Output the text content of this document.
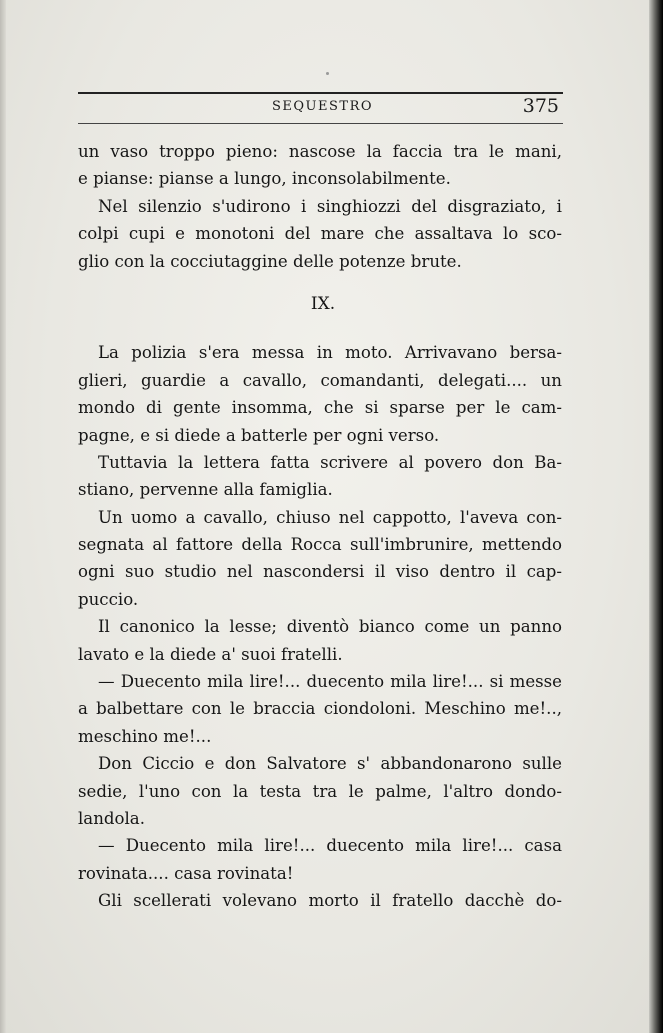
SEQUESTRO	375
un vaso troppo pieno: nascose la faccia tra le mani,
e pianse: pianse a lungo, inconsolabilmente.
Nel silenzio s'udirono i singhiozzi del disgraziato, i
colpi cupi e monotoni del mare che assaltava lo sco-
glio con la cocciutaggine delle potenze brute.
IX.
La polizia s'era messa in moto. Arrivavano bersa-
glieri, guardie a cavallo, comandanti, delegati.... un
mondo di gente insomma, che si sparse per le cam-
pagne, e si diede a batterle per ogni verso.
Tuttavia la lettera fatta scrivere al povero don Ba-
stiano, pervenne alla famiglia.
Un uomo a cavallo, chiuso nel cappotto, l'aveva con-
segnata al fattore della Rocca sull'imbrunire, mettendo
ogni suo studio nel nascondersi il viso dentro il cap-
puccio.
Il canonico la lesse; diventò bianco come un panno
lavato e la diede a' suoi fratelli.
— Duecento mila lire!... duecento mila lire!... si messe
a balbettare con le braccia ciondoloni. Meschino me!..,
meschino me!...
Don Ciccio e don Salvatore s' abbandonarono sulle
sedie, l'uno con la testa tra le palme, l'altro dondo-
landola.
— Duecento mila lire!... duecento mila lire!... casa
rovinata.... casa rovinata!
Gli scellerati volevano morto il fratello dacchè do-
